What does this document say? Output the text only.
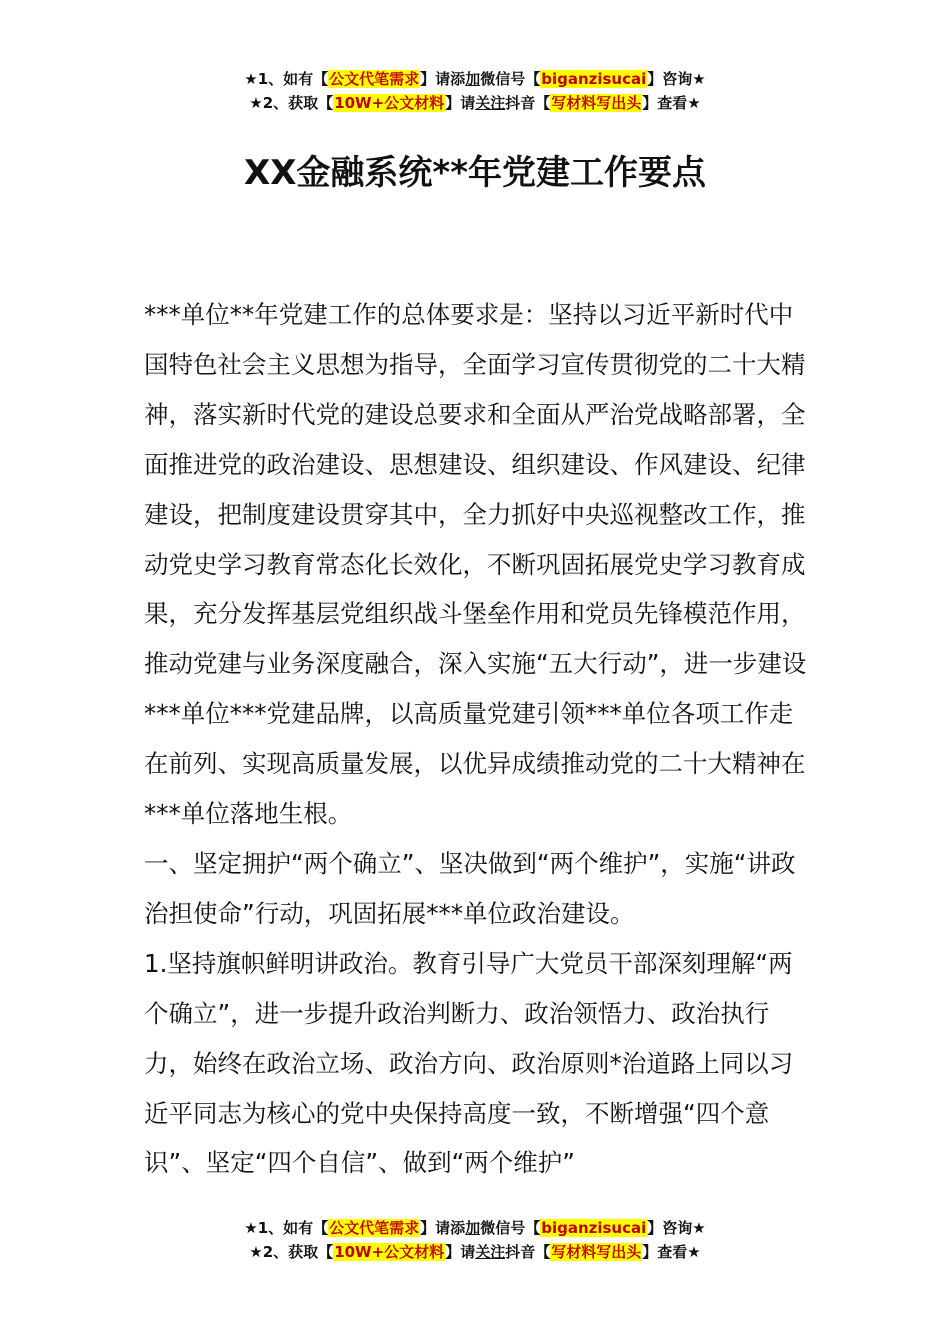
★1、如有【公文代笔需求】请添加微信号【biganzisucai】咨询★
★2、获取【10W+公文材料】请关注抖音【写材料写出头】查看★
XX金融系统**年党建工作要点

***单位**年党建工作的总体要求是：坚持以习近平新时代中国特色社会主义思想为指导，全面学习宣传贯彻党的二十大精神，落实新时代党的建设总要求和全面从严治党战略部署，全面推进党的政治建设、思想建设、组织建设、作风建设、纪律建设，把制度建设贯穿其中，全力抓好中央巡视整改工作，推动党史学习教育常态化长效化，不断巩固拓展党史学习教育成果，充分发挥基层党组织战斗堡垒作用和党员先锋模范作用，推动党建与业务深度融合，深入实施“五大行动”，进一步建设***单位***党建品牌，以高质量党建引领***单位各项工作走在前列、实现高质量发展，以优异成绩推动党的二十大精神在***单位落地生根。

一、坚定拥护“两个确立”、坚决做到“两个维护”，实施“讲政治担使命”行动，巩固拓展***单位政治建设。

1.坚持旗帜鲜明讲政治。教育引导广大党员干部深刻理解“两个确立”，进一步提升政治判断力、政治领悟力、政治执行力，始终在政治立场、政治方向、政治原则*治道路上同以习近平同志为核心的党中央保持高度一致，不断增强“四个意识”、坚定“四个自信”、做到“两个维护”

★1、如有【公文代笔需求】请添加微信号【biganzisucai】咨询★
★2、获取【10W+公文材料】请关注抖音【写材料写出头】查看★
